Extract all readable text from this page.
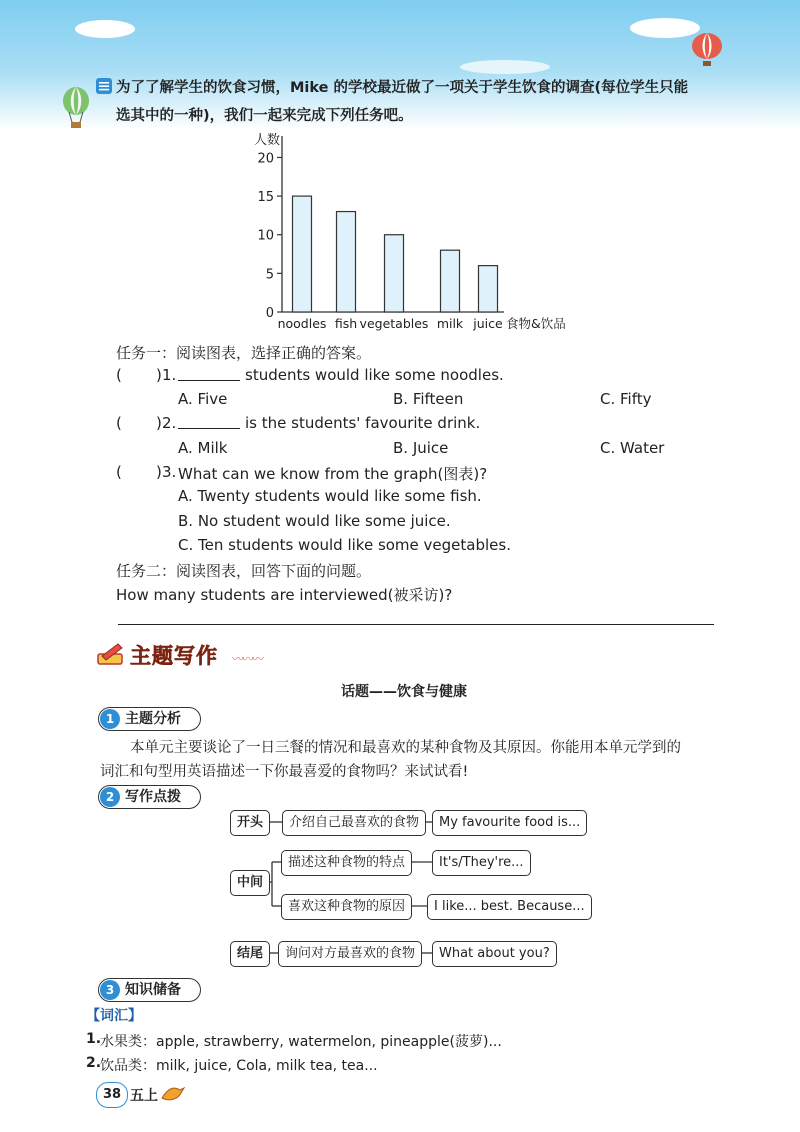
为了了解学生的饮食习惯，Mike 的学校最近做了一项关于学生饮食的调查(每位学生只能
选其中的一种)，我们一起来完成下列任务吧。
人数
0
5
10
15
20
noodles fish vegetables milk juice 食物&饮品
任务一：阅读图表，选择正确的答案。
( ) 1.	students would like some noodles.
A. Five	B. Fifteen	C. Fifty
( ) 2.	is the students' favourite drink.
A. Milk	B. Juice	C. Water
( ) 3. What can we know from the graph(图表)?
A. Twenty students would like some fish.
B. No student would like some juice.
C. Ten students would like some vegetables.
任务二：阅读图表，回答下面的问题。
How many students are interviewed(被采访)?
主题写作 〰〰〰
话题——饮食与健康
主题分析
1
本单元主要谈论了一日三餐的情况和最喜欢的某种食物及其原因。你能用本单元学到的
词汇和句型用英语描述一下你最喜爱的食物吗？来试试看!
写作点拨
2
开头	介绍自己最喜欢的食物	My favourite food is...
中间
描述这种食物的特点	It's/They're...
喜欢这种食物的原因	I like... best. Because...
结尾	询问对方最喜欢的食物	What about you?
知识储备
3
【词汇】
1.
水果类：apple, strawberry, watermelon, pineapple(菠萝)...
2.
饮品类：milk, juice, Cola, milk tea, tea...
38 五上
